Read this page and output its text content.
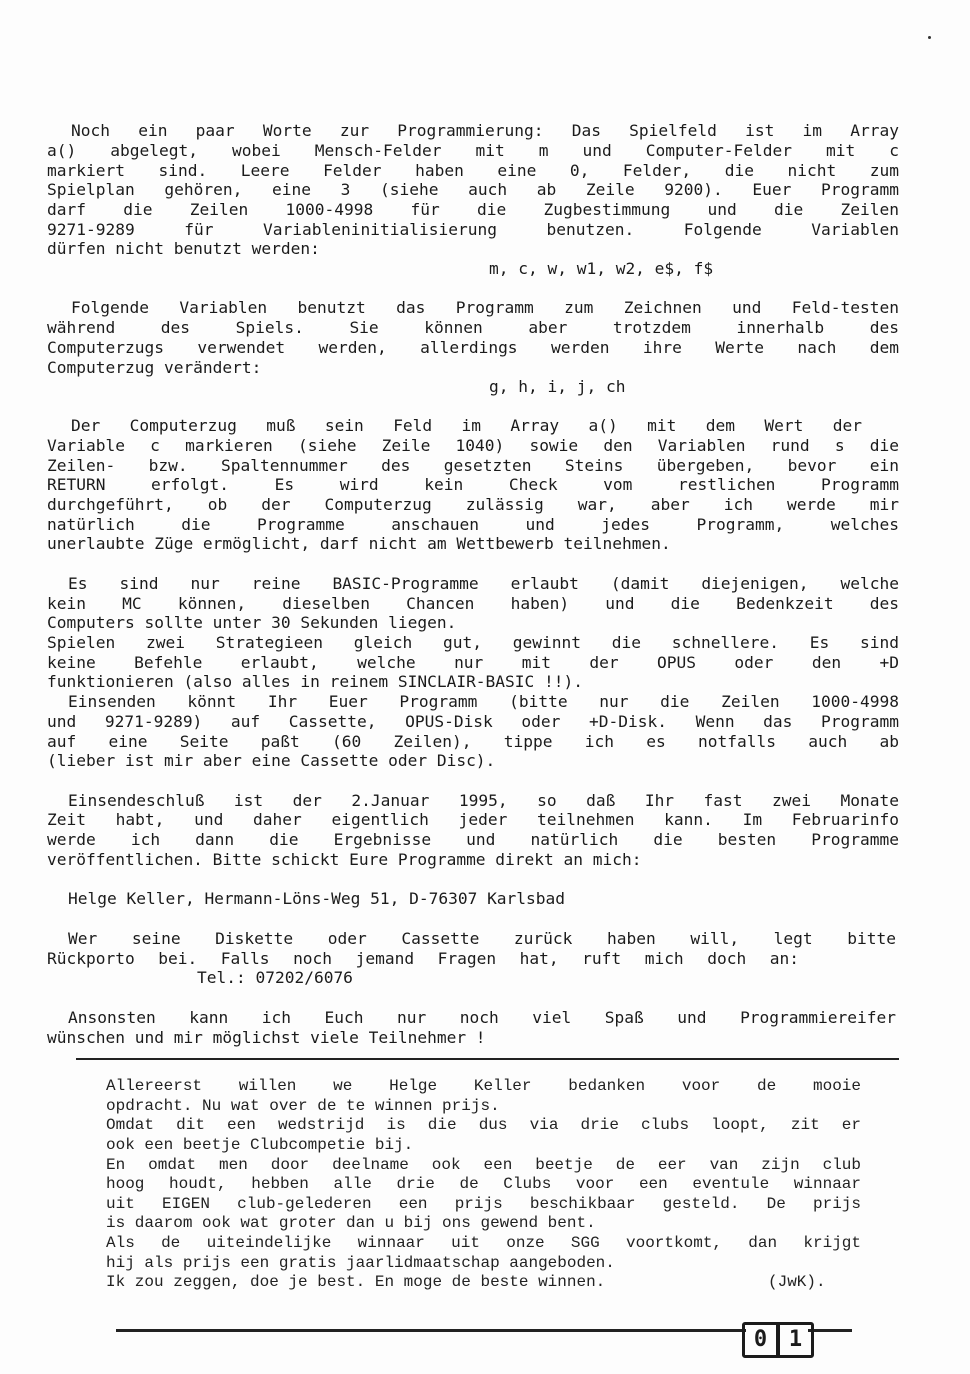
Noch ein paar Worte zur Programmierung: Das Spielfeld ist im Array
a() abgelegt, wobei Mensch-Felder mit m und Computer-Felder mit c
markiert sind. Leere Felder haben eine 0, Felder, die nicht zum
Spielplan gehören, eine 3 (siehe auch ab Zeile 9200). Euer Programm
darf die Zeilen 1000-4998 für die Zugbestimmung und die Zeilen
9271-9289 für Variableninitialisierung benutzen. Folgende Variablen
dürfen nicht benutzt werden:
m, c, w, w1, w2, e$, f$
Folgende Variablen benutzt das Programm zum Zeichnen und Feld-testen
während des Spiels. Sie können aber trotzdem innerhalb des
Computerzugs verwendet werden, allerdings werden ihre Werte nach dem
Computerzug verändert:
g, h, i, j, ch
Der Computerzug muß sein Feld im Array a() mit dem Wert der
Variable c markieren (siehe Zeile 1040) sowie den Variablen rund s die
Zeilen- bzw. Spaltennummer des gesetzten Steins übergeben, bevor ein
RETURN erfolgt. Es wird kein Check vom restlichen Programm
durchgeführt, ob der Computerzug zulässig war, aber ich werde mir
natürlich die Programme anschauen und jedes Programm, welches
unerlaubte Züge ermöglicht, darf nicht am Wettbewerb teilnehmen.
Es sind nur reine BASIC-Programme erlaubt (damit diejenigen, welche
kein MC können, dieselben Chancen haben) und die Bedenkzeit des
Computers sollte unter 30 Sekunden liegen.
Spielen zwei Strategieen gleich gut, gewinnt die schnellere. Es sind
keine Befehle erlaubt, welche nur mit der OPUS oder den +D
funktionieren (also alles in reinem SINCLAIR-BASIC !!).
Einsenden könnt Ihr Euer Programm (bitte nur die Zeilen 1000-4998
und 9271-9289) auf Cassette, OPUS-Disk oder +D-Disk. Wenn das Programm
auf eine Seite paßt (60 Zeilen), tippe ich es notfalls auch ab
(lieber ist mir aber eine Cassette oder Disc).
Einsendeschluß ist der 2.Januar 1995, so daß Ihr fast zwei Monate
Zeit habt, und daher eigentlich jeder teilnehmen kann. Im Februarinfo
werde ich dann die Ergebnisse und natürlich die besten Programme
veröffentlichen. Bitte schickt Eure Programme direkt an mich:
Helge Keller, Hermann-Löns-Weg 51, D-76307 Karlsbad
Wer seine Diskette oder Cassette zurück haben will, legt bitte
Rückporto bei. Falls noch jemand Fragen hat, ruft mich doch an:
Tel.: 07202/6076
Ansonsten kann ich Euch nur noch viel Spaß und Programmiereifer
wünschen und mir möglichst viele Teilnehmer !
Allereerst willen we Helge Keller bedanken voor de mooie
opdracht. Nu wat over de te winnen prijs.
Omdat dit een wedstrijd is die dus via drie clubs loopt, zit er
ook een beetje Clubcompetie bij.
En omdat men door deelname ook een beetje de eer van zijn club
hoog houdt, hebben alle drie de Clubs voor een eventule winnaar
uit EIGEN club-gelederen een prijs beschikbaar gesteld. De prijs
is daarom ook wat groter dan u bij ons gewend bent.
Als de uiteindelijke winnaar uit onze SGG voortkomt, dan krijgt
hij als prijs een gratis jaarlidmaatschap aangeboden.
Ik zou zeggen, doe je best. En moge de beste winnen.	(JwK).
0 1
